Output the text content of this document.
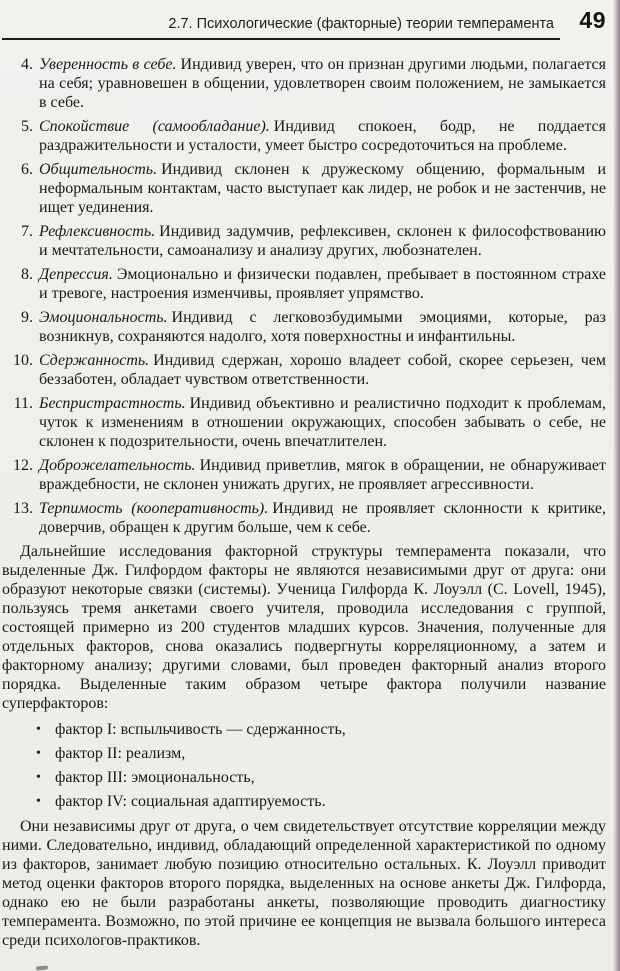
2.7. Психологические (факторные) теории темперамента	49
4. Уверенность в себе. Индивид уверен, что он признан другими людьми, полагается на себя; уравновешен в общении, удовлетворен своим положением, не замыкается в себе.
5. Спокойствие (самообладание). Индивид спокоен, бодр, не поддается раздражительности и усталости, умеет быстро сосредоточиться на проблеме.
6. Общительность. Индивид склонен к дружескому общению, формальным и неформальным контактам, часто выступает как лидер, не робок и не застенчив, не ищет уединения.
7. Рефлексивность. Индивид задумчив, рефлексивен, склонен к философствованию и мечтательности, самоанализу и анализу других, любознателен.
8. Депрессия. Эмоционально и физически подавлен, пребывает в постоянном страхе и тревоге, настроения изменчивы, проявляет упрямство.
9. Эмоциональность. Индивид с легковозбудимыми эмоциями, которые, раз возникнув, сохраняются надолго, хотя поверхностны и инфантильны.
10. Сдержанность. Индивид сдержан, хорошо владеет собой, скорее серьезен, чем беззаботен, обладает чувством ответственности.
11. Беспристрастность. Индивид объективно и реалистично подходит к проблемам, чуток к изменениям в отношении окружающих, способен забывать о себе, не склонен к подозрительности, очень впечатлителен.
12. Доброжелательность. Индивид приветлив, мягок в обращении, не обнаруживает враждебности, не склонен унижать других, не проявляет агрессивности.
13. Терпимость (кооперативность). Индивид не проявляет склонности к критике, доверчив, обращен к другим больше, чем к себе.

Дальнейшие исследования факторной структуры темперамента показали, что выделенные Дж. Гилфордом факторы не являются независимыми друг от друга: они образуют некоторые связки (системы). Ученица Гилфорда К. Лоуэлл (C. Lovell, 1945), пользуясь тремя анкетами своего учителя, проводила исследования с группой, состоящей примерно из 200 студентов младших курсов. Значения, полученные для отдельных факторов, снова оказались подвергнуты корреляционному, а затем и факторному анализу; другими словами, был проведен факторный анализ второго порядка. Выделенные таким образом четыре фактора получили название суперфакторов:

• фактор I: вспыльчивость — сдержанность,
• фактор II: реализм,
• фактор III: эмоциональность,
• фактор IV: социальная адаптируемость.

Они независимы друг от друга, о чем свидетельствует отсутствие корреляции между ними. Следовательно, индивид, обладающий определенной характеристикой по одному из факторов, занимает любую позицию относительно остальных. К. Лоуэлл приводит метод оценки факторов второго порядка, выделенных на основе анкеты Дж. Гилфорда, однако ею не были разработаны анкеты, позволяющие проводить диагностику темперамента. Возможно, по этой причине ее концепция не вызвала большого интереса среди психологов-практиков.
